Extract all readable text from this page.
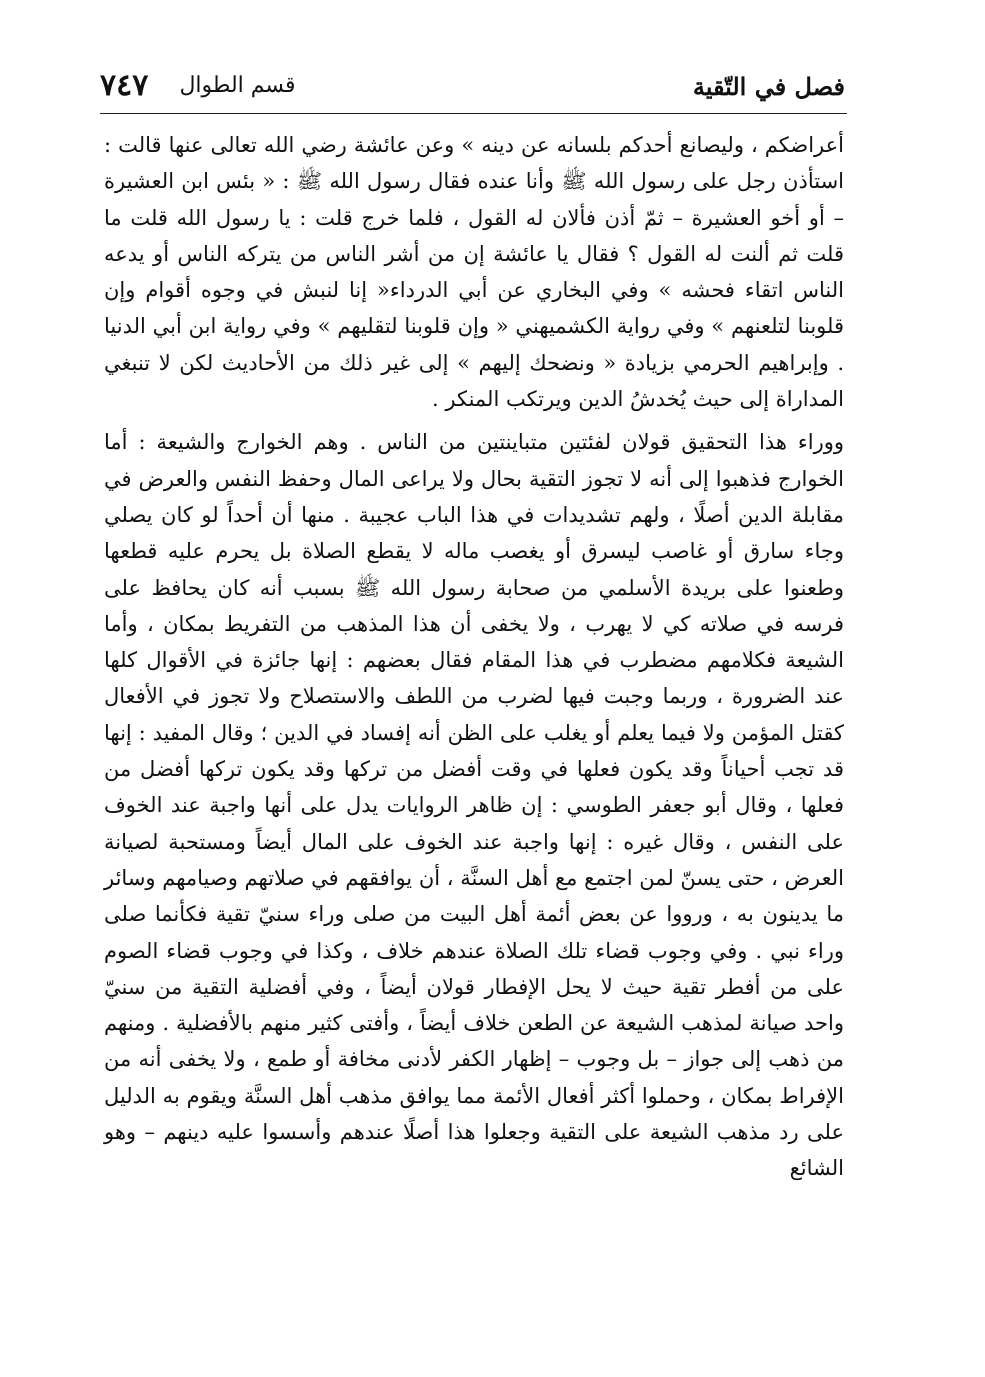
فصل في التّقية
قسم الطوال ٧٤٧

أعراضكم ، وليصانع أحدكم بلسانه عن دينه » وعن عائشة رضي الله تعالى عنها قالت : استأذن رجل على رسول الله ﷺ وأنا عنده فقال رسول الله ﷺ : « بئس ابن العشيرة – أو أخو العشيرة – ثمّ أذن فألان له القول ، فلما خرج قلت : يا رسول الله قلت ما قلت ثم ألنت له القول ؟ فقال يا عائشة إن من أشر الناس من يتركه الناس أو يدعه الناس اتقاء فحشه » وفي البخاري عن أبي الدرداء« إنا لنبش في وجوه أقوام وإن قلوبنا لتلعنهم » وفي رواية الكشميهني « وإن قلوبنا لتقليهم » وفي رواية ابن أبي الدنيا . وإبراهيم الحرمي بزيادة « ونضحك إليهم » إلى غير ذلك من الأحاديث لكن لا تنبغي المداراة إلى حيث يُخدشُ الدين ويرتكب المنكر .

ووراء هذا التحقيق قولان لفئتين متباينتين من الناس . وهم الخوارج والشيعة : أما الخوارج فذهبوا إلى أنه لا تجوز التقية بحال ولا يراعى المال وحفظ النفس والعرض في مقابلة الدين أصلًا ، ولهم تشديدات في هذا الباب عجيبة . منها أن أحداً لو كان يصلي وجاء سارق أو غاصب ليسرق أو يغصب ماله لا يقطع الصلاة بل يحرم عليه قطعها وطعنوا على بريدة الأسلمي من صحابة رسول الله ﷺ بسبب أنه كان يحافظ على فرسه في صلاته كي لا يهرب ، ولا يخفى أن هذا المذهب من التفريط بمكان ، وأما الشيعة فكلامهم مضطرب في هذا المقام فقال بعضهم : إنها جائزة في الأقوال كلها عند الضرورة ، وربما وجبت فيها لضرب من اللطف والاستصلاح ولا تجوز في الأفعال كقتل المؤمن ولا فيما يعلم أو يغلب على الظن أنه إفساد في الدين ؛ وقال المفيد : إنها قد تجب أحياناً وقد يكون فعلها في وقت أفضل من تركها وقد يكون تركها أفضل من فعلها ، وقال أبو جعفر الطوسي : إن ظاهر الروايات يدل على أنها واجبة عند الخوف على النفس ، وقال غيره : إنها واجبة عند الخوف على المال أيضاً ومستحبة لصيانة العرض ، حتى يسنّ لمن اجتمع مع أهل السنَّة ، أن يوافقهم في صلاتهم وصيامهم وسائر ما يدينون به ، ورووا عن بعض أئمة أهل البيت من صلى وراء سنيّ تقية فكأنما صلى وراء نبي . وفي وجوب قضاء تلك الصلاة عندهم خلاف ، وكذا في وجوب قضاء الصوم على من أفطر تقية حيث لا يحل الإفطار قولان أيضاً ، وفي أفضلية التقية من سنيّ واحد صيانة لمذهب الشيعة عن الطعن خلاف أيضاً ، وأفتى كثير منهم بالأفضلية . ومنهم من ذهب إلى جواز – بل وجوب – إظهار الكفر لأدنى مخافة أو طمع ، ولا يخفى أنه من الإفراط بمكان ، وحملوا أكثر أفعال الأئمة مما يوافق مذهب أهل السنَّة ويقوم به الدليل على رد مذهب الشيعة على التقية وجعلوا هذا أصلًا عندهم وأسسوا عليه دينهم – وهو الشائع
